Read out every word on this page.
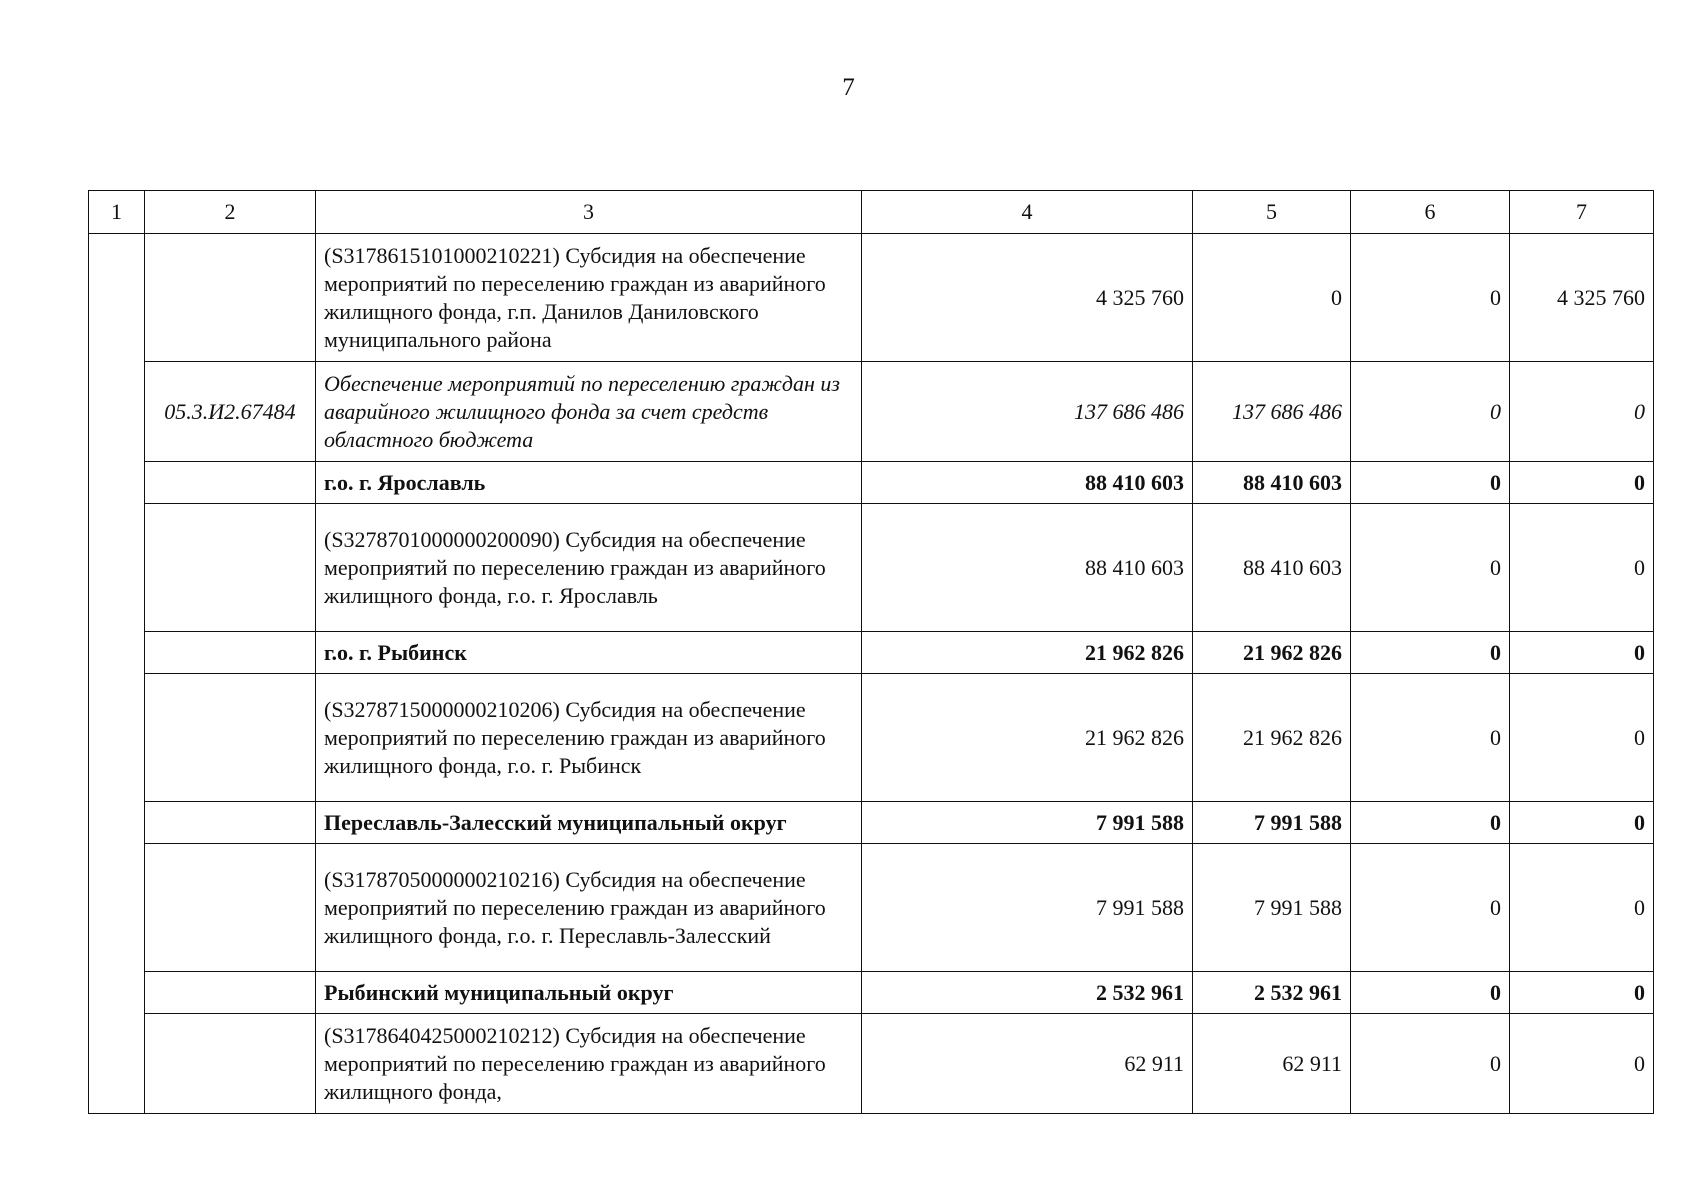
7
1	2	3	4	5	6	7
		(S3178615101000210221) Субсидия на обеспечение мероприятий по переселению граждан из аварийного жилищного фонда, г.п. Данилов Даниловского муниципального района	4 325 760	0	0	4 325 760
	05.3.И2.67484	Обеспечение мероприятий по переселению граждан из аварийного жилищного фонда за счет средств областного бюджета	137 686 486	137 686 486	0	0
		г.о. г. Ярославль	88 410 603	88 410 603	0	0
		(S3278701000000200090) Субсидия на обеспечение мероприятий по переселению граждан из аварийного жилищного фонда, г.о. г. Ярославль	88 410 603	88 410 603	0	0
		г.о. г. Рыбинск	21 962 826	21 962 826	0	0
		(S3278715000000210206) Субсидия на обеспечение мероприятий по переселению граждан из аварийного жилищного фонда, г.о. г. Рыбинск	21 962 826	21 962 826	0	0
		Переславль-Залесский муниципальный округ	7 991 588	7 991 588	0	0
		(S3178705000000210216) Субсидия на обеспечение мероприятий по переселению граждан из аварийного жилищного фонда, г.о. г. Переславль-Залесский	7 991 588	7 991 588	0	0
		Рыбинский муниципальный округ	2 532 961	2 532 961	0	0
		(S3178640425000210212) Субсидия на обеспечение мероприятий по переселению граждан из аварийного жилищного фонда,	62 911	62 911	0	0
